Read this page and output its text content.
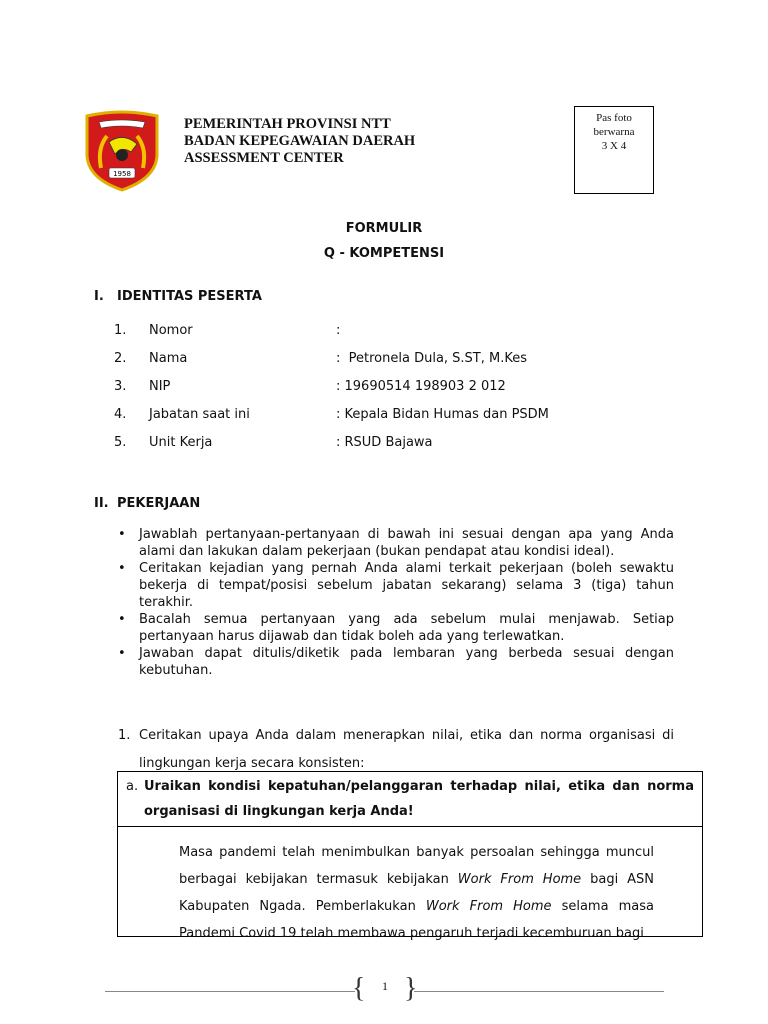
1958
PEMERINTAH PROVINSI NTT
BADAN KEPEGAWAIAN DAERAH
ASSESSMENT CENTER
Pas foto
berwarna
3 X 4
FORMULIR
Q - KOMPETENSI
I. IDENTITAS PESERTA
1. Nomor	:
2. Nama	:  Petronela Dula, S.ST, M.Kes
3. NIP	: 19690514 198903 2 012
4. Jabatan saat ini	: Kepala Bidan Humas dan PSDM
5. Unit Kerja	: RSUD Bajawa
II. PEKERJAAN
• Jawablah pertanyaan-pertanyaan di bawah ini sesuai dengan apa yang Anda alami dan lakukan dalam pekerjaan (bukan pendapat atau kondisi ideal).
• Ceritakan kejadian yang pernah Anda alami terkait pekerjaan (boleh sewaktu bekerja di tempat/posisi sebelum jabatan sekarang) selama 3 (tiga) tahun terakhir.
• Bacalah semua pertanyaan yang ada sebelum mulai menjawab. Setiap pertanyaan harus dijawab dan tidak boleh ada yang terlewatkan.
• Jawaban dapat ditulis/diketik pada lembaran yang berbeda sesuai dengan kebutuhan.
1. Ceritakan upaya Anda dalam menerapkan nilai, etika dan norma organisasi di lingkungan kerja secara konsisten:
a. Uraikan kondisi kepatuhan/pelanggaran terhadap nilai, etika dan norma organisasi di lingkungan kerja Anda!
Masa pandemi telah menimbulkan banyak persoalan sehingga muncul berbagai kebijakan termasuk kebijakan Work From Home bagi ASN Kabupaten Ngada. Pemberlakukan Work From Home selama masa Pandemi Covid 19 telah membawa pengaruh terjadi kecemburuan bagi
{ }
1
